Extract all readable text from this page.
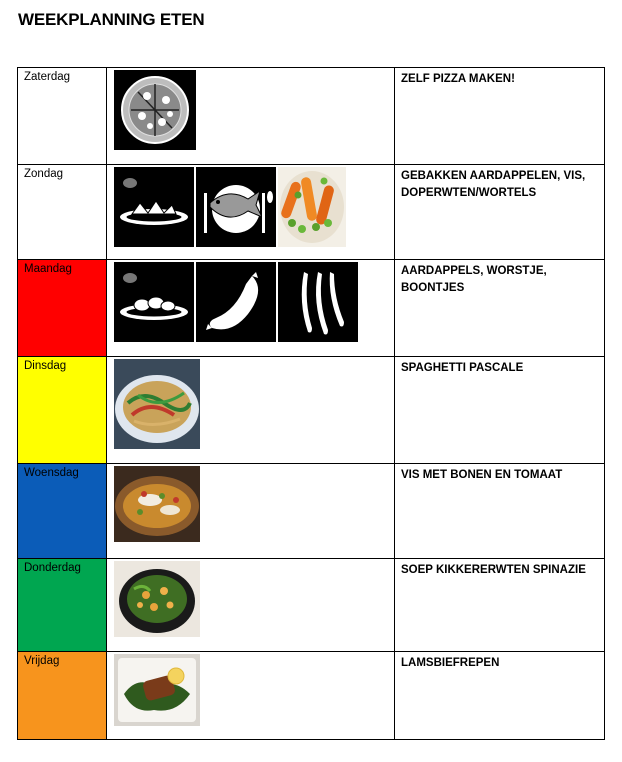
WEEKPLANNING ETEN
Zaterdag		ZELF PIZZA MAKEN!
Zondag		GEBAKKEN AARDAPPELEN, VIS, DOPERWTEN/WORTELS
Maandag		AARDAPPELS, WORSTJE, BOONTJES
Dinsdag		SPAGHETTI PASCALE
Woensdag		VIS MET BONEN EN TOMAAT
Donderdag		SOEP KIKKERERWTEN SPINAZIE
Vrijdag		LAMSBIEFREPEN
